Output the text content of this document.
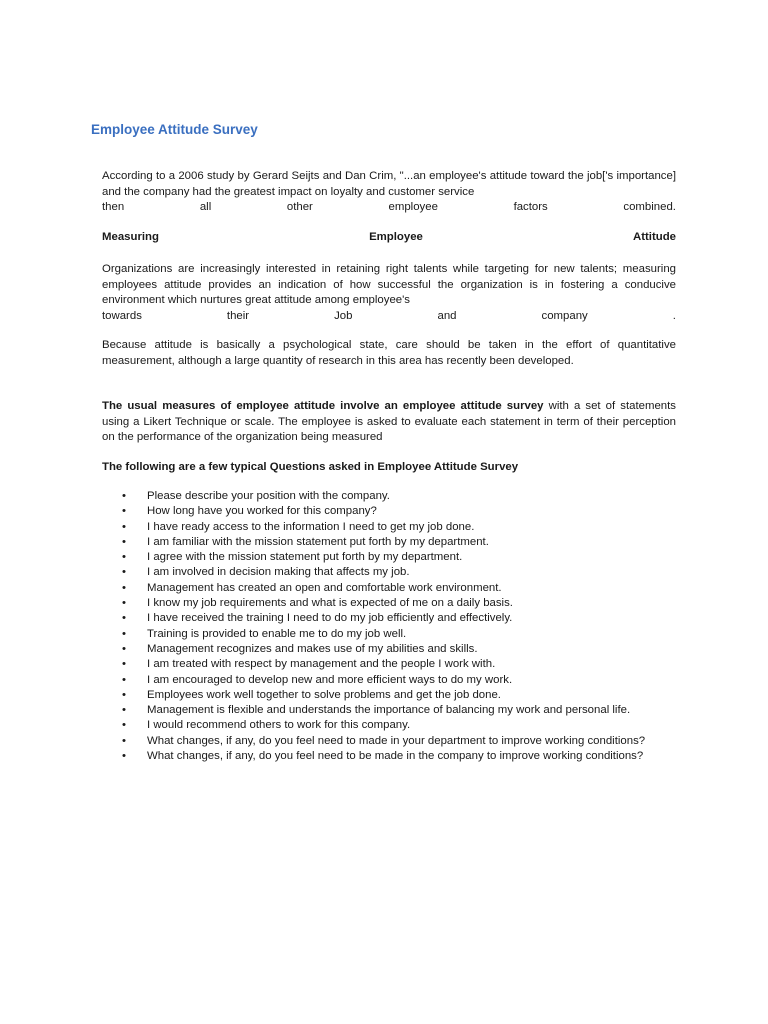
Employee Attitude Survey
According to a 2006 study by Gerard Seijts and Dan Crim, "...an employee's attitude toward the job['s importance] and the company had the greatest impact on loyalty and customer service
then	all	other	employee	factors	combined.
Measuring	Employee	Attitude
Organizations are increasingly interested in retaining right talents while targeting for new talents; measuring employees attitude provides an indication of how successful the organization is in fostering a conducive environment which nurtures great attitude among employee's
towards	their	Job	and	company	.

Because attitude is basically a psychological state, care should be taken in the effort of quantitative measurement, although a large quantity of research in this area has recently been developed.

The usual measures of employee attitude involve an employee attitude survey with a set of statements using a Likert Technique or scale. The employee is asked to evaluate each statement in term of their perception on the performance of the organization being measured

The following are a few typical Questions asked in Employee Attitude Survey

• Please describe your position with the company.
• How long have you worked for this company?
• I have ready access to the information I need to get my job done.
• I am familiar with the mission statement put forth by my department.
• I agree with the mission statement put forth by my department.
• I am involved in decision making that affects my job.
• Management has created an open and comfortable work environment.
• I know my job requirements and what is expected of me on a daily basis.
• I have received the training I need to do my job efficiently and effectively.
• Training is provided to enable me to do my job well.
• Management recognizes and makes use of my abilities and skills.
• I am treated with respect by management and the people I work with.
• I am encouraged to develop new and more efficient ways to do my work.
• Employees work well together to solve problems and get the job done.
• Management is flexible and understands the importance of balancing my work and personal life.
• I would recommend others to work for this company.
• What changes, if any, do you feel need to made in your department to improve working conditions?
• What changes, if any, do you feel need to be made in the company to improve working conditions?
